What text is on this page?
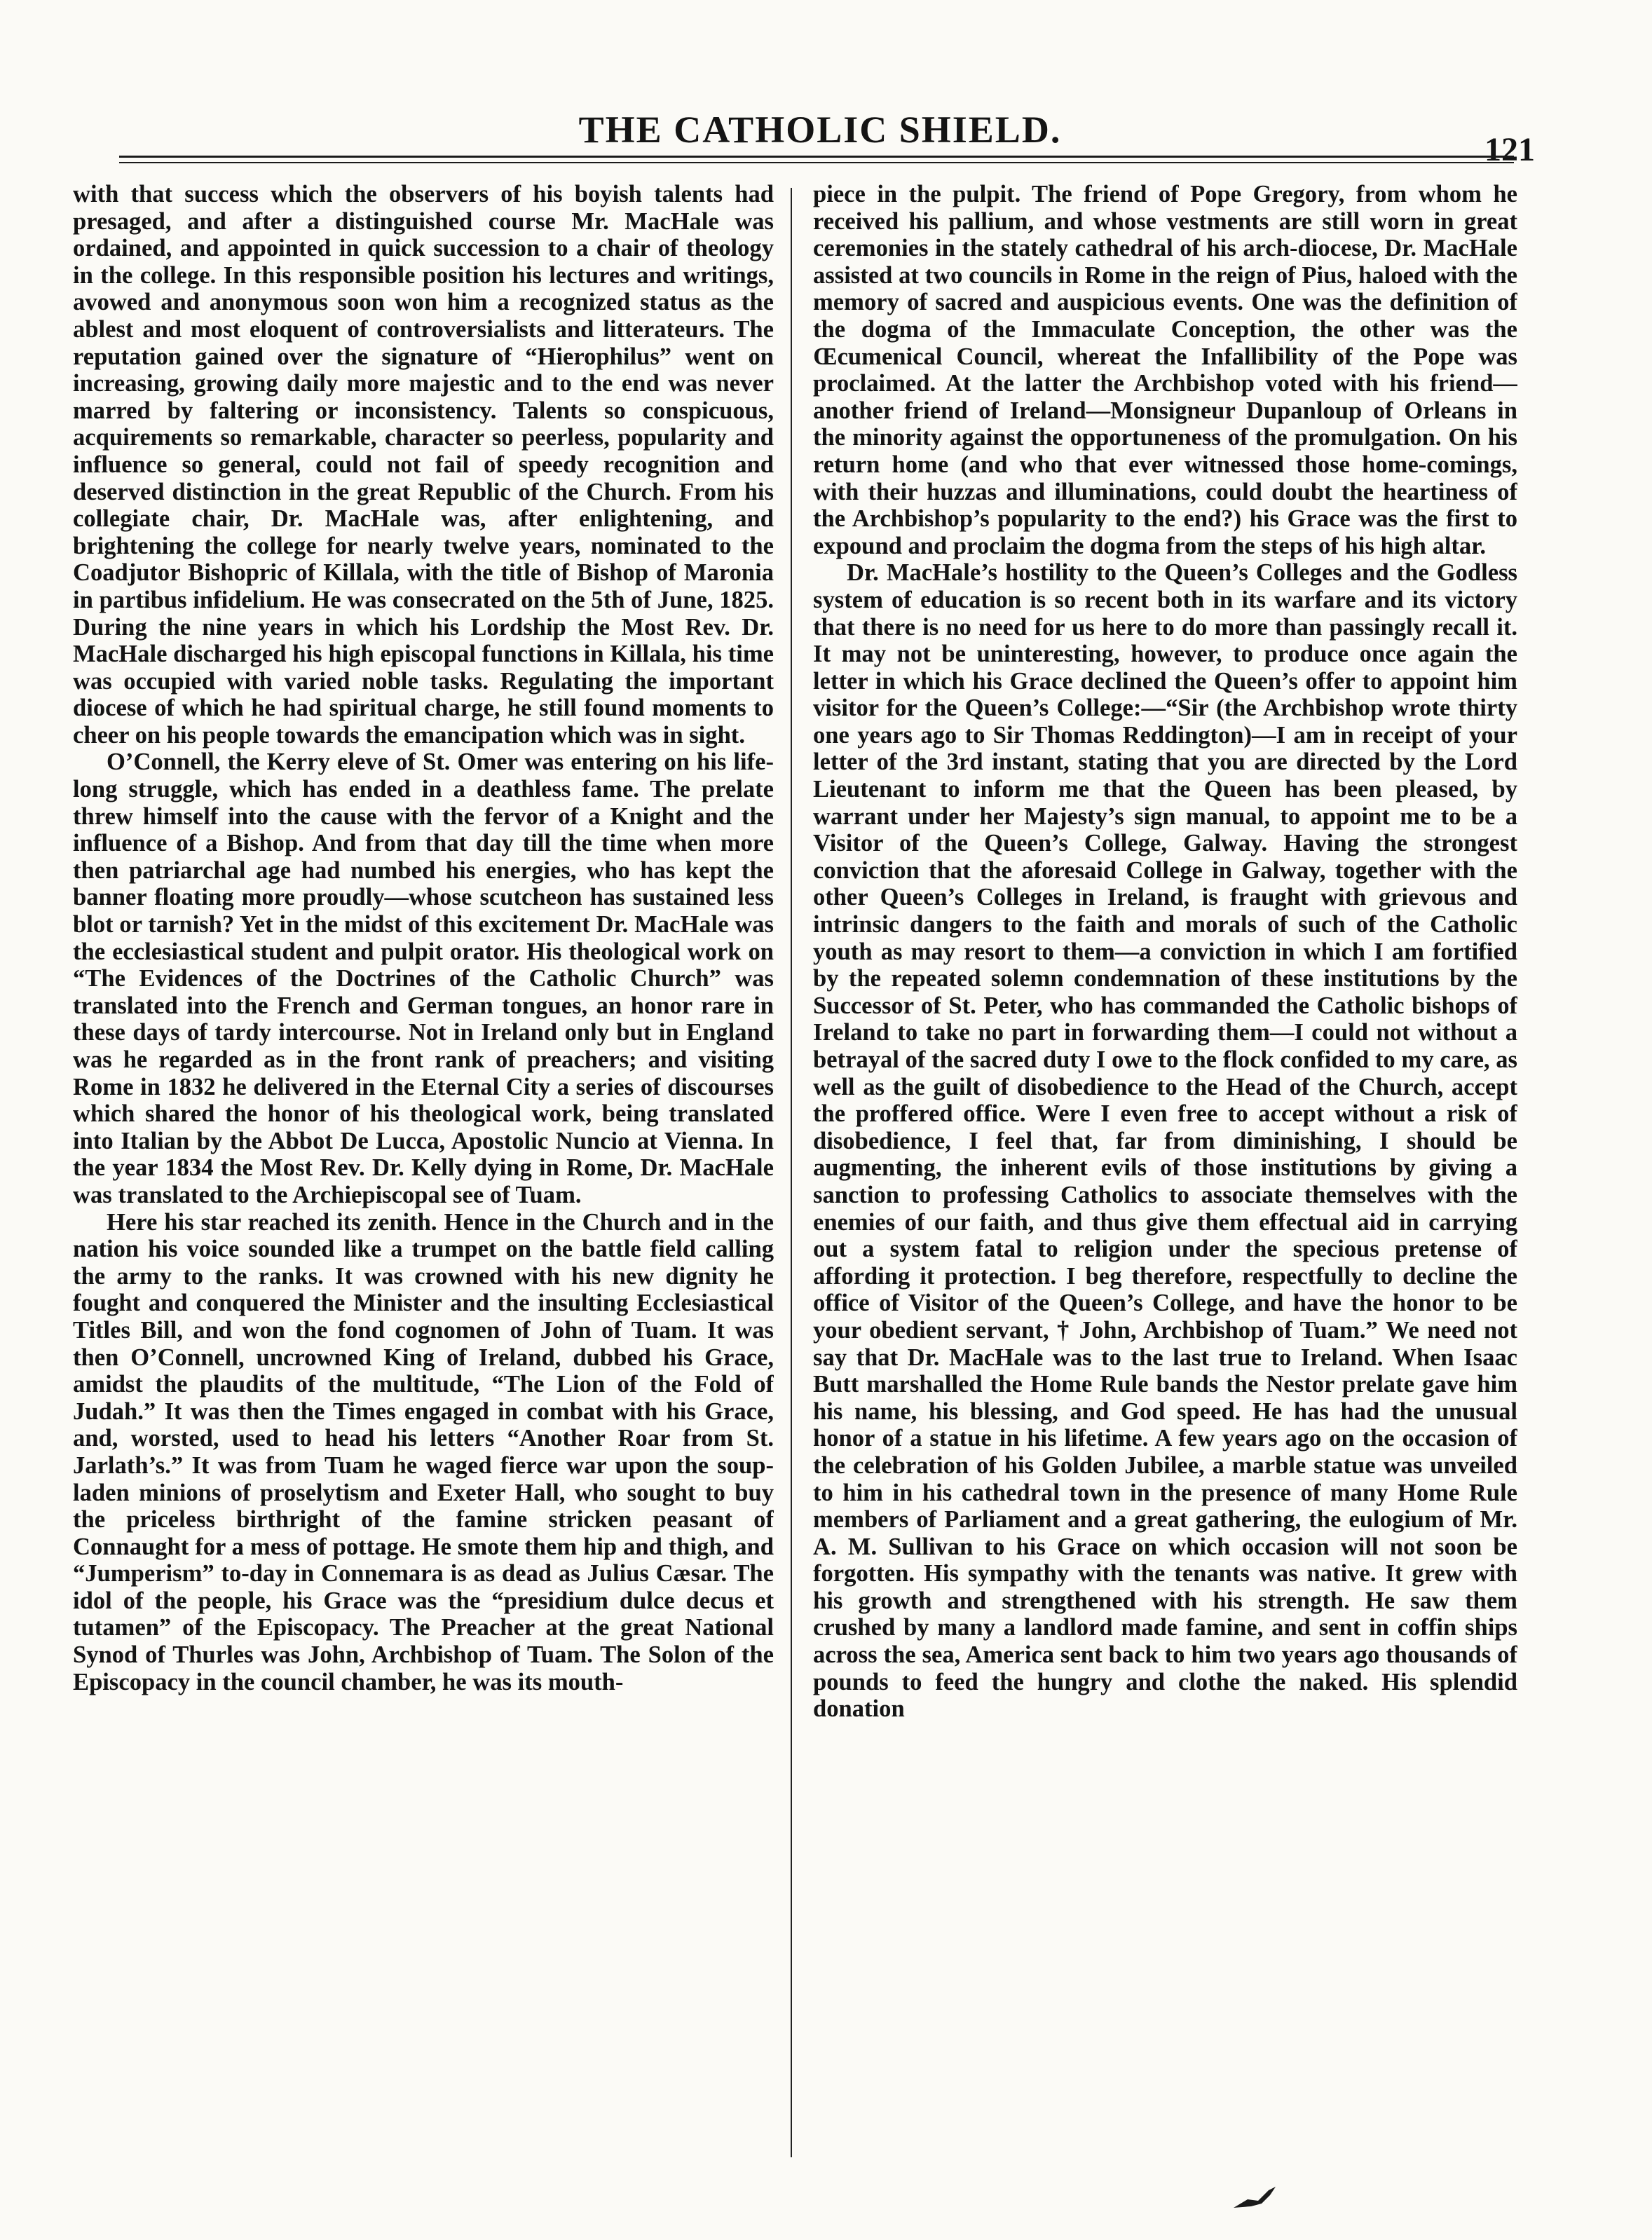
THE CATHOLIC SHIELD.	121

with that success which the observers of his boyish talents had presaged, and after a distinguished course Mr. MacHale was ordained, and appointed in quick succession to a chair of theology in the college. In this responsible position his lectures and writings, avowed and anonymous soon won him a recognized status as the ablest and most eloquent of controversialists and litterateurs. The reputation gained over the signature of “Hierophilus” went on increasing, growing daily more majestic and to the end was never marred by faltering or inconsistency. Talents so conspicuous, acquirements so remarkable, character so peerless, popularity and influence so general, could not fail of speedy recognition and deserved distinction in the great Republic of the Church. From his collegiate chair, Dr. MacHale was, after enlightening, and brightening the college for nearly twelve years, nominated to the Coadjutor Bishopric of Killala, with the title of Bishop of Maronia in partibus infidelium. He was consecrated on the 5th of June, 1825. During the nine years in which his Lordship the Most Rev. Dr. MacHale discharged his high episcopal functions in Killala, his time was occupied with varied noble tasks. Regulating the important diocese of which he had spiritual charge, he still found moments to cheer on his people towards the emancipation which was in sight.

O’Connell, the Kerry eleve of St. Omer was entering on his life-long struggle, which has ended in a deathless fame. The prelate threw himself into the cause with the fervor of a Knight and the influence of a Bishop. And from that day till the time when more then patriarchal age had numbed his energies, who has kept the banner floating more proudly—whose scutcheon has sustained less blot or tarnish? Yet in the midst of this excitement Dr. MacHale was the ecclesiastical student and pulpit orator. His theological work on “The Evidences of the Doctrines of the Catholic Church” was translated into the French and German tongues, an honor rare in these days of tardy intercourse. Not in Ireland only but in England was he regarded as in the front rank of preachers; and visiting Rome in 1832 he delivered in the Eternal City a series of discourses which shared the honor of his theological work, being translated into Italian by the Abbot De Lucca, Apostolic Nuncio at Vienna. In the year 1834 the Most Rev. Dr. Kelly dying in Rome, Dr. MacHale was translated to the Archiepiscopal see of Tuam.

Here his star reached its zenith. Hence in the Church and in the nation his voice sounded like a trumpet on the battle field calling the army to the ranks. It was crowned with his new dignity he fought and conquered the Minister and the insulting Ecclesiastical Titles Bill, and won the fond cognomen of John of Tuam. It was then O’Connell, uncrowned King of Ireland, dubbed his Grace, amidst the plaudits of the multitude, “The Lion of the Fold of Judah.” It was then the Times engaged in combat with his Grace, and, worsted, used to head his letters “Another Roar from St. Jarlath’s.” It was from Tuam he waged fierce war upon the soup-laden minions of proselytism and Exeter Hall, who sought to buy the priceless birthright of the famine stricken peasant of Connaught for a mess of pottage. He smote them hip and thigh, and “Jumperism” to-day in Connemara is as dead as Julius Cæsar. The idol of the people, his Grace was the “presidium dulce decus et tutamen” of the Episcopacy. The Preacher at the great National Synod of Thurles was John, Archbishop of Tuam. The Solon of the Episcopacy in the council chamber, he was its mouth-

piece in the pulpit. The friend of Pope Gregory, from whom he received his pallium, and whose vestments are still worn in great ceremonies in the stately cathedral of his arch-diocese, Dr. MacHale assisted at two councils in Rome in the reign of Pius, haloed with the memory of sacred and auspicious events. One was the definition of the dogma of the Immaculate Conception, the other was the Œcumenical Council, whereat the Infallibility of the Pope was proclaimed. At the latter the Archbishop voted with his friend—another friend of Ireland—Monsigneur Dupanloup of Orleans in the minority against the opportuneness of the promulgation. On his return home (and who that ever witnessed those home-comings, with their huzzas and illuminations, could doubt the heartiness of the Archbishop’s popularity to the end?) his Grace was the first to expound and proclaim the dogma from the steps of his high altar.

Dr. MacHale’s hostility to the Queen’s Colleges and the Godless system of education is so recent both in its warfare and its victory that there is no need for us here to do more than passingly recall it. It may not be uninteresting, however, to produce once again the letter in which his Grace declined the Queen’s offer to appoint him visitor for the Queen’s College:—“Sir (the Archbishop wrote thirty one years ago to Sir Thomas Reddington)—I am in receipt of your letter of the 3rd instant, stating that you are directed by the Lord Lieutenant to inform me that the Queen has been pleased, by warrant under her Majesty’s sign manual, to appoint me to be a Visitor of the Queen’s College, Galway. Having the strongest conviction that the aforesaid College in Galway, together with the other Queen’s Colleges in Ireland, is fraught with grievous and intrinsic dangers to the faith and morals of such of the Catholic youth as may resort to them—a conviction in which I am fortified by the repeated solemn condemnation of these institutions by the Successor of St. Peter, who has commanded the Catholic bishops of Ireland to take no part in forwarding them—I could not without a betrayal of the sacred duty I owe to the flock confided to my care, as well as the guilt of disobedience to the Head of the Church, accept the proffered office. Were I even free to accept without a risk of disobedience, I feel that, far from diminishing, I should be augmenting, the inherent evils of those institutions by giving a sanction to professing Catholics to associate themselves with the enemies of our faith, and thus give them effectual aid in carrying out a system fatal to religion under the specious pretense of affording it protection. I beg therefore, respectfully to decline the office of Visitor of the Queen’s College, and have the honor to be your obedient servant, † John, Archbishop of Tuam.” We need not say that Dr. MacHale was to the last true to Ireland. When Isaac Butt marshalled the Home Rule bands the Nestor prelate gave him his name, his blessing, and God speed. He has had the unusual honor of a statue in his lifetime. A few years ago on the occasion of the celebration of his Golden Jubilee, a marble statue was unveiled to him in his cathedral town in the presence of many Home Rule members of Parliament and a great gathering, the eulogium of Mr. A. M. Sullivan to his Grace on which occasion will not soon be forgotten. His sympathy with the tenants was native. It grew with his growth and strengthened with his strength. He saw them crushed by many a landlord made famine, and sent in coffin ships across the sea, America sent back to him two years ago thousands of pounds to feed the hungry and clothe the naked. His splendid donation
